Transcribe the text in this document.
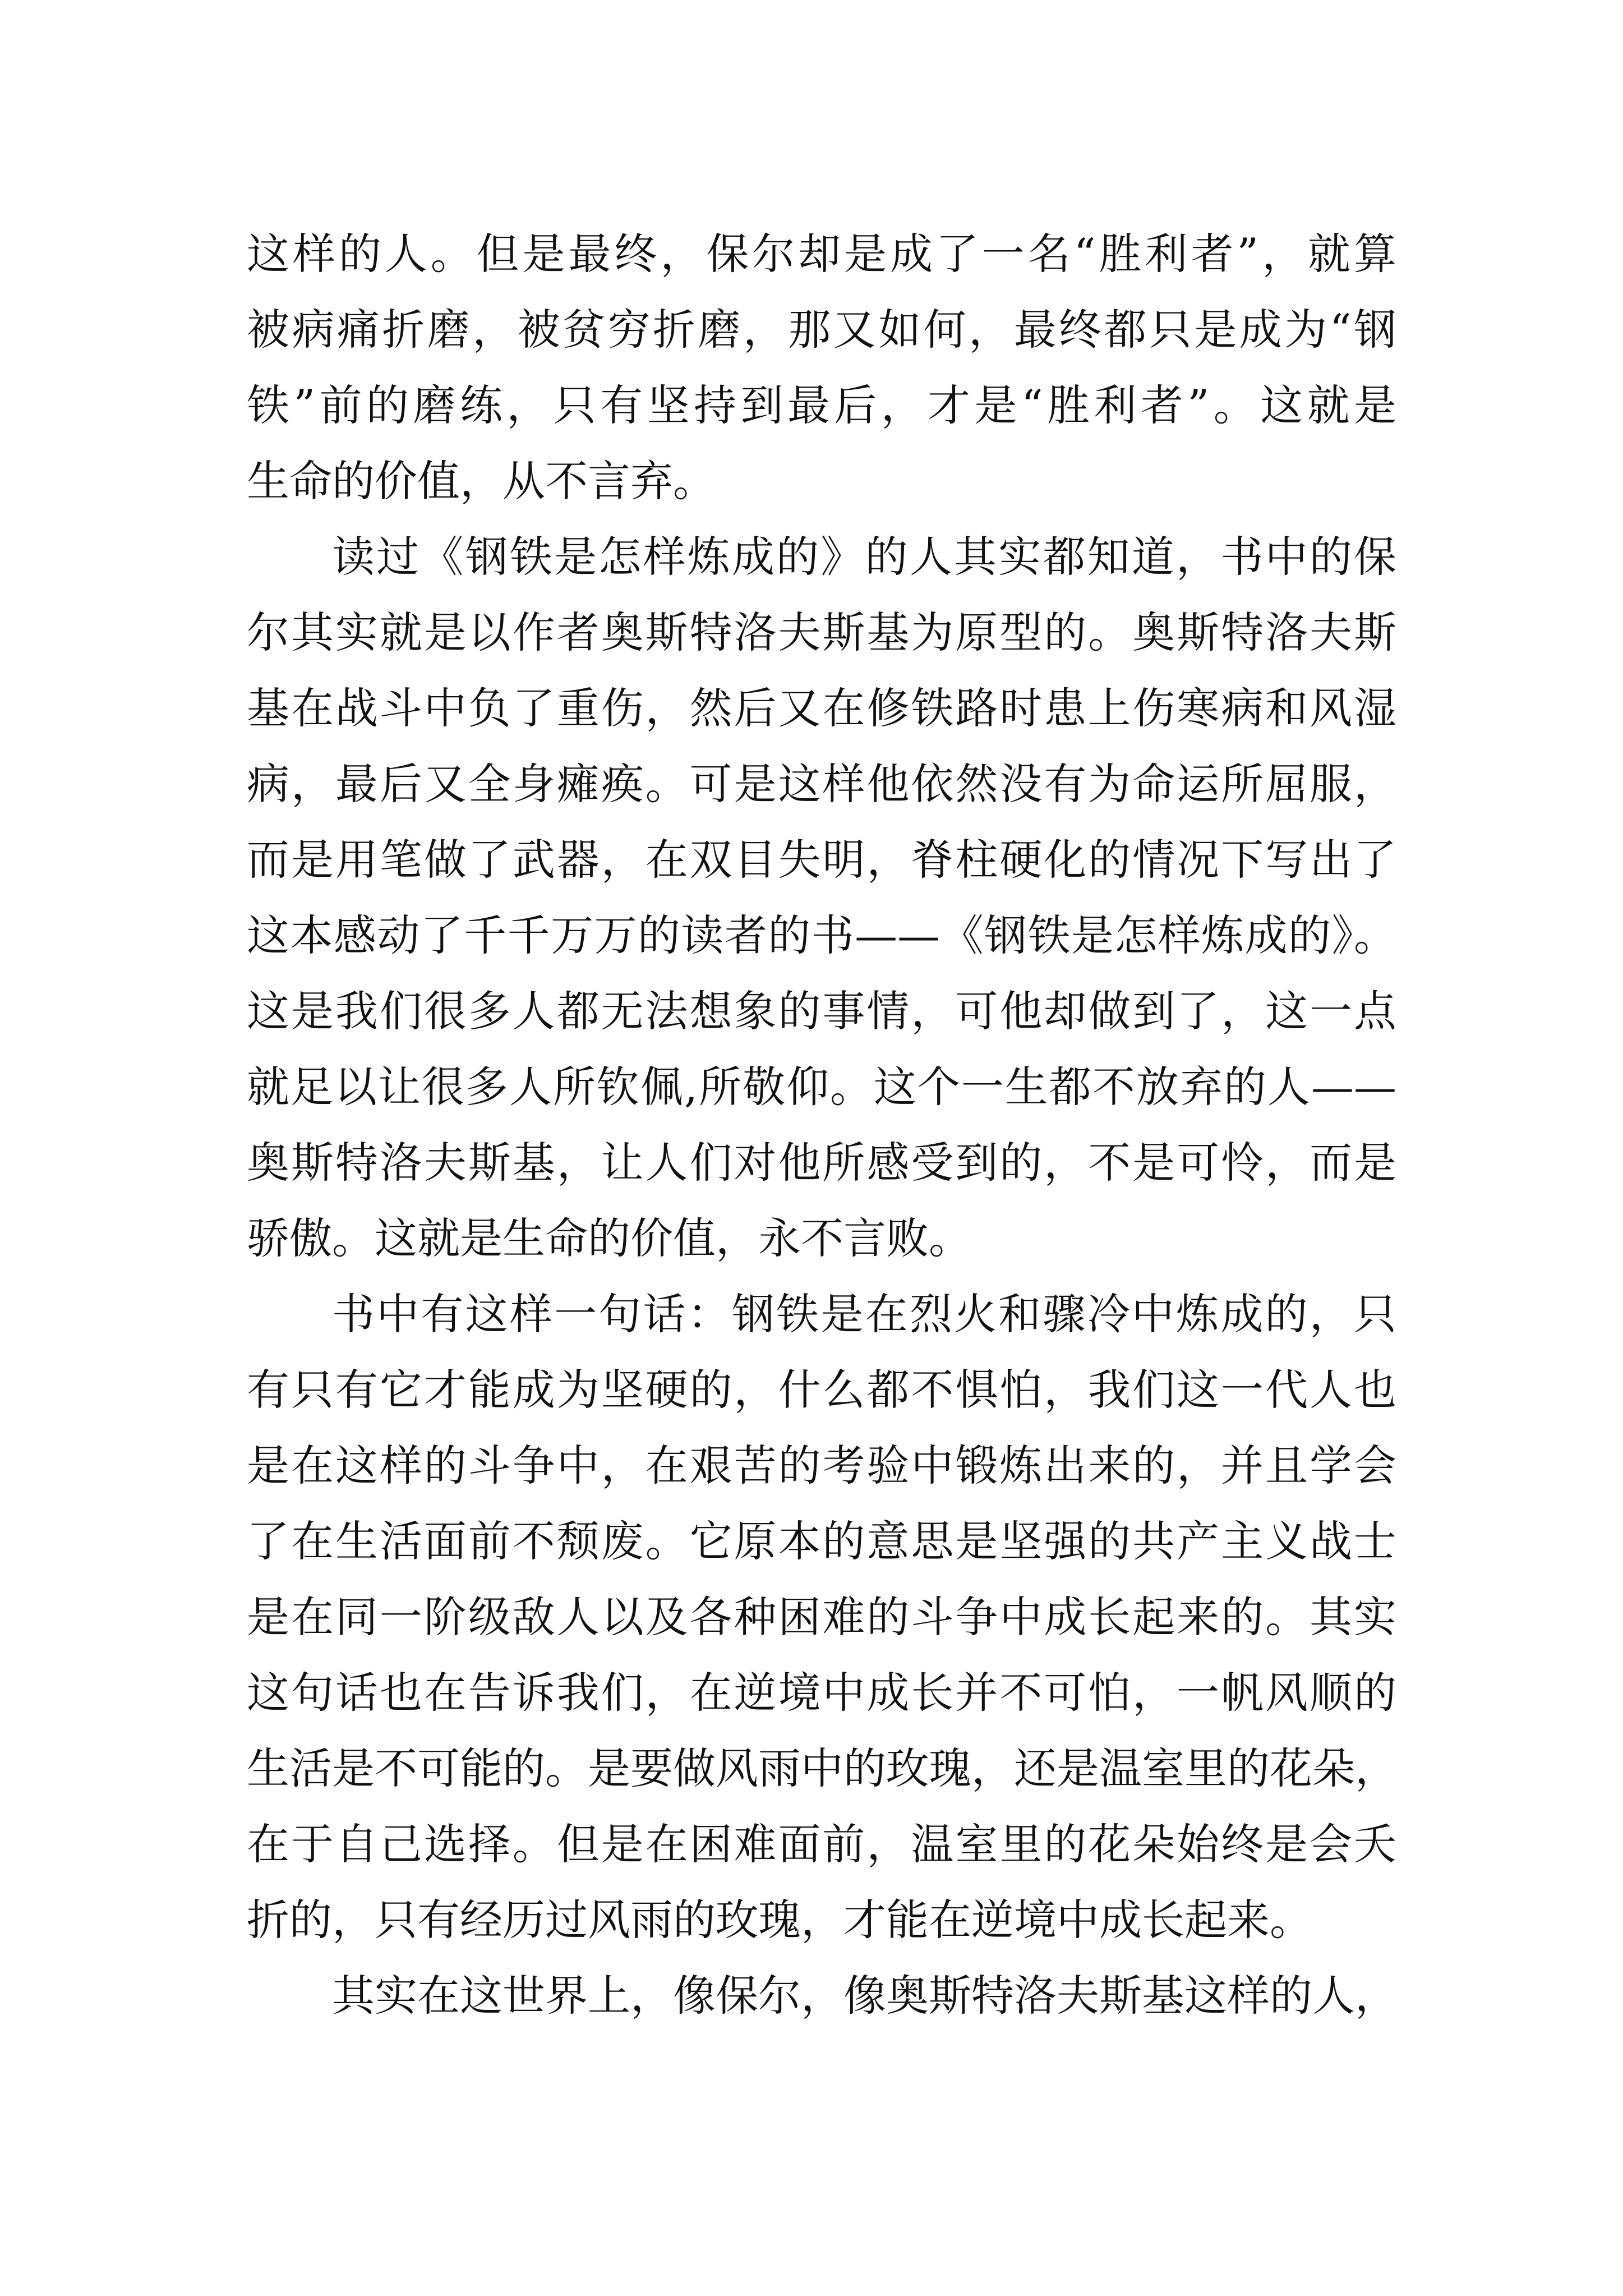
这样的人。但是最终，保尔却是成了一名“胜利者”，就算
被病痛折磨，被贫穷折磨，那又如何，最终都只是成为“钢
铁”前的磨练，只有坚持到最后，才是“胜利者”。这就是
生命的价值，从不言弃。
读过《钢铁是怎样炼成的》的人其实都知道，书中的保
尔其实就是以作者奥斯特洛夫斯基为原型的。奥斯特洛夫斯
基在战斗中负了重伤，然后又在修铁路时患上伤寒病和风湿
病，最后又全身瘫痪。可是这样他依然没有为命运所屈服，
而是用笔做了武器，在双目失明，脊柱硬化的情况下写出了
这本感动了千千万万的读者的书——《钢铁是怎样炼成的》。
这是我们很多人都无法想象的事情，可他却做到了，这一点
就足以让很多人所钦佩,所敬仰。这个一生都不放弃的人——
奥斯特洛夫斯基，让人们对他所感受到的，不是可怜，而是
骄傲。这就是生命的价值，永不言败。
书中有这样一句话：钢铁是在烈火和骤冷中炼成的，只
有只有它才能成为坚硬的，什么都不惧怕，我们这一代人也
是在这样的斗争中，在艰苦的考验中锻炼出来的，并且学会
了在生活面前不颓废。它原本的意思是坚强的共产主义战士
是在同一阶级敌人以及各种困难的斗争中成长起来的。其实
这句话也在告诉我们，在逆境中成长并不可怕，一帆风顺的
生活是不可能的。是要做风雨中的玫瑰，还是温室里的花朵，
在于自己选择。但是在困难面前，温室里的花朵始终是会夭
折的，只有经历过风雨的玫瑰，才能在逆境中成长起来。
其实在这世界上，像保尔，像奥斯特洛夫斯基这样的人，
